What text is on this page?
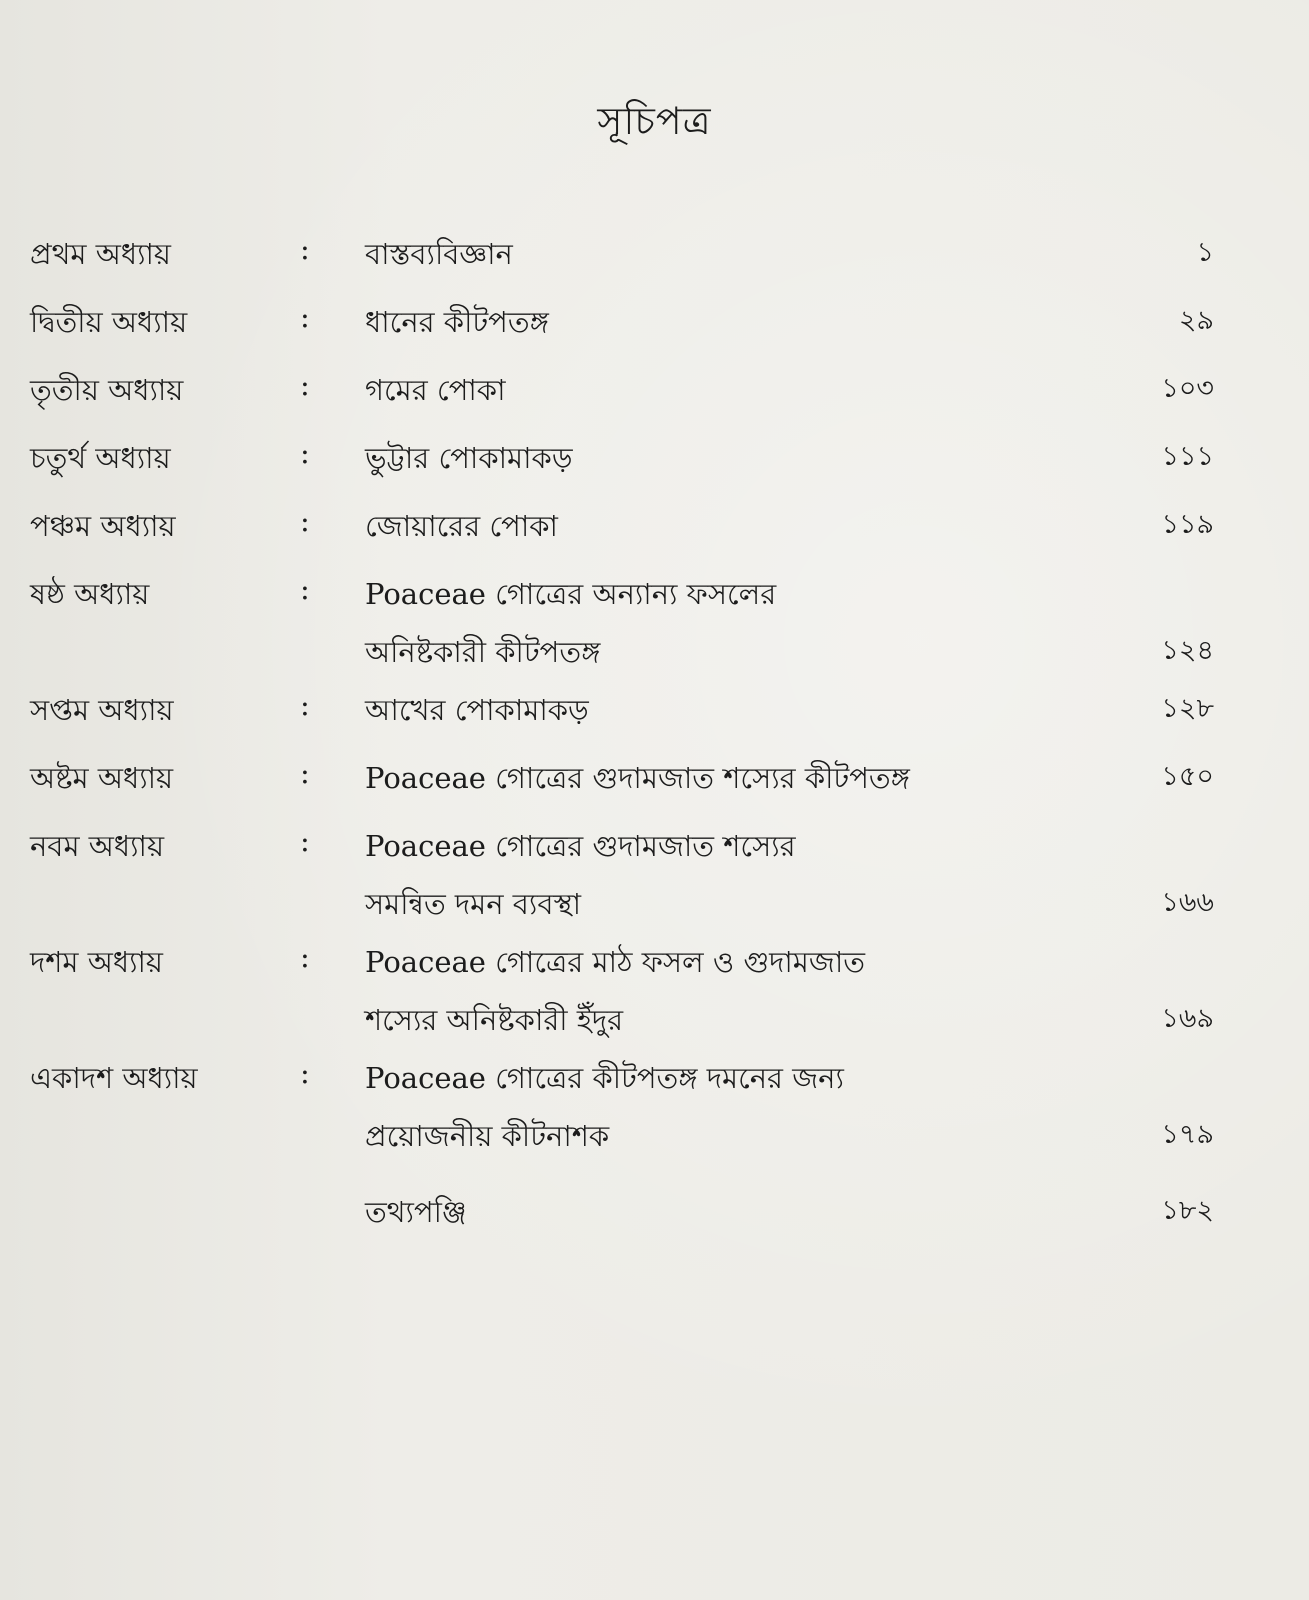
সূচিপত্র
প্রথম অধ্যায়	: বাস্তব্যবিজ্ঞান	১
দ্বিতীয় অধ্যায়	: ধানের কীটপতঙ্গ	২৯
তৃতীয় অধ্যায়	: গমের পোকা	১০৩
চতুর্থ অধ্যায়	: ভুট্টার পোকামাকড়	১১১
পঞ্চম অধ্যায়	: জোয়ারের পোকা	১১৯
ষষ্ঠ অধ্যায়	: Poaceae গোত্রের অন্যান্য ফসলের
অনিষ্টকারী কীটপতঙ্গ	১২৪
সপ্তম অধ্যায়	: আখের পোকামাকড়	১২৮
অষ্টম অধ্যায়	: Poaceae গোত্রের গুদামজাত শস্যের কীটপতঙ্গ	১৫০
নবম অধ্যায়	: Poaceae গোত্রের গুদামজাত শস্যের
সমন্বিত দমন ব্যবস্থা	১৬৬
দশম অধ্যায়	: Poaceae গোত্রের মাঠ ফসল ও গুদামজাত
শস্যের অনিষ্টকারী ইঁদুর	১৬৯
একাদশ অধ্যায়	: Poaceae গোত্রের কীটপতঙ্গ দমনের জন্য
প্রয়োজনীয় কীটনাশক	১৭৯
তথ্যপঞ্জি	১৮২
